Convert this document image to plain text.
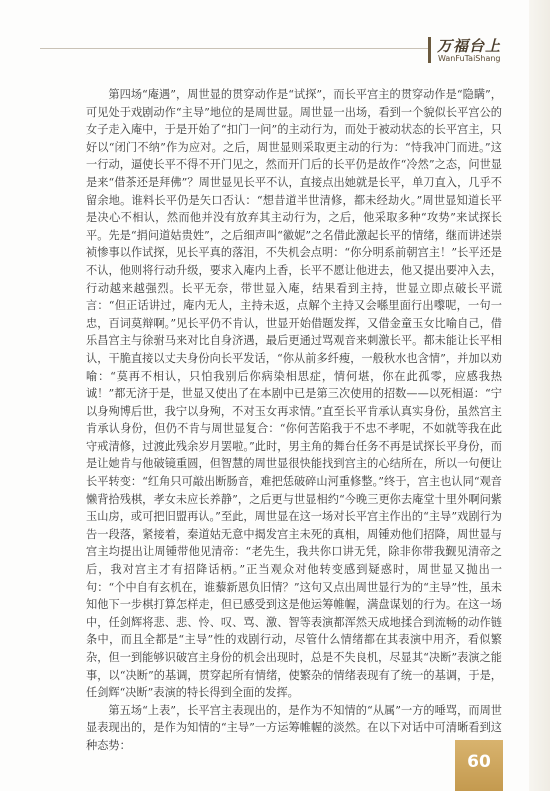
万福台上
WanFuTaiShang

第四场“庵遇”，周世显的贯穿动作是“试探”，而长平宫主的贯穿动作是“隐瞒”，可见处于戏剧动作“主导”地位的是周世显。周世显一出场，看到一个貌似长平宫公的女子走入庵中，于是开始了“扣门一问”的主动行为，而处于被动状态的长平宫主，只好以“闭门不纳”作为应对。之后，周世显则采取更主动的行为：“恃我冲门而进。”这一行动，逼使长平不得不开门见之，然而开门后的长平仍是故作“冷然”之态，问世显是来“借茶还是拜佛”？周世显见长平不认，直接点出她就是长平，单刀直入，几乎不留余地。谁料长平仍是矢口否认：“想昔道半世清修，都未经劫火。”周世显知道长平是决心不相认，然而他并没有放弃其主动行为，之后，他采取多种“攻势”来试探长平。先是“捐问道姑贵姓”，之后细声叫“徽妮”之名借此激起长平的情绪，继而讲述崇祯惨事以作试探，见长平真的落泪，不失机会点明：“你分明系前朝宫主！”长平还是不认，他则将行动升级，要求入庵内上香，长平不愿让他进去，他又提出要冲入去，行动越来越强烈。长平无奈，带世显入庵，结果看到主持，世显立即点破长平谎言：“但正话讲过，庵内无人，主持未返，点解个主持又会喺里面行出嚟呢，一句一忠，百词莫辩啊。”见长平仍不肯认，世显开始借题发挥，又借金童玉女比喻自己，借乐昌宫主与徐驸马来对比自身济遇，最后更通过骂观音来刺激长平。都未能让长平相认，干脆直接以丈夫身份向长平发话，“你从前多纤瘦，一般秋水也含情”，并加以劝喻：“莫再不相认，只怕我别后你病染相思症，情何堪，你在此孤零，应感我热诚！”都无济于是，世显又使出了在本剧中已是第三次使用的招数——以死相逼：“宁以身殉博后世，我宁以身殉，不对玉女再求情。”直至长平肯承认真实身份，虽然宫主肯承认身份，但仍不肯与周世显复合：“你何苦陷我于不忠不孝呢，不如就等我在此守戒清修，过渡此残余岁月罢啦。”此时，男主角的舞台任务不再是试探长平身份，而是让她肯与他破镜重圆，但智慧的周世显很快能找到宫主的心结所在，所以一句便让长平转变：“红角只可敲出断肠音，难把恁破碎山河重修整。”终于，宫主也认同“观音懒背拾残棋，孝女未应长养静”，之后更与世显相约“今晚三更你去庵堂十里外啊问紫玉山房，或可把旧盟再认。”至此，周世显在这一场对长平宫主作出的“主导”戏剧行为告一段落，紧接着，秦道姑无意中揭发宫主未死的真相，周锺劝他们招降，周世显与宫主均提出让周锺带他见清帝：“老先生，我共你口讲无凭，除非你带我觐见清帝之后，我对宫主才有招降话柄。”正当观众对他转变感到疑惑时，周世显又抛出一句：“个中自有玄机在，谁藜新恩负旧情？”这句又点出周世显行为的“主导”性，虽未知他下一步棋打算怎样走，但已感受到这是他运筹帷幄，满盘谋划的行为。在这一场中，任剑辉将悲、悲、怜、叹、骂、激、智等表演都浑然天成地揉合到流畅的动作链条中，而且全都是“主导”性的戏剧行动，尽管什么情绪都在其表演中用齐，看似繁杂，但一到能够识破宫主身份的机会出现时，总是不失良机，尽显其“决断”表演之能事，以“决断”的基调，贯穿起所有情绪，使繁杂的情绪表现有了统一的基调，于是，任剑辉“决断”表演的特长得到全面的发挥。

第五场“上表”，长平宫主表现出的，是作为不知情的“从属”一方的唾骂，而周世显表现出的，是作为知情的“主导”一方运筹帷幄的淡然。在以下对话中可清晰看到这种态势：

60
